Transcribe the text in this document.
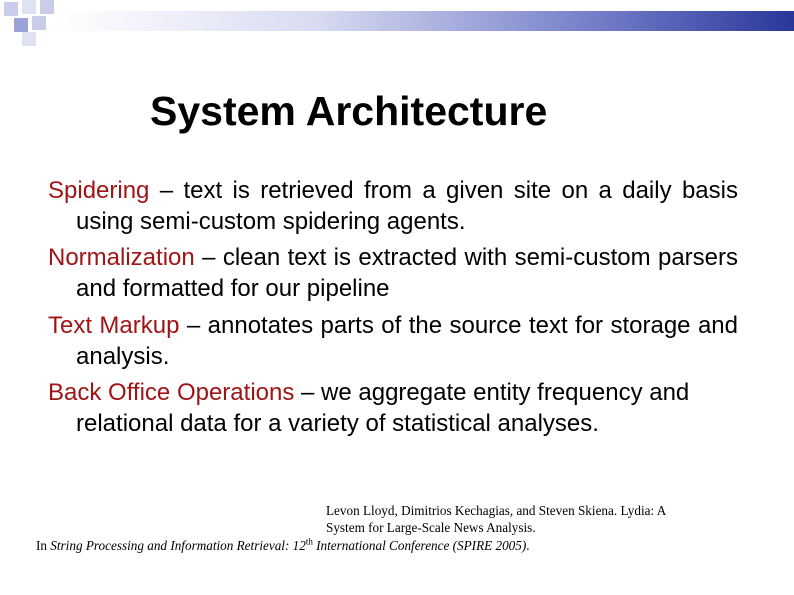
System Architecture

Spidering – text is retrieved from a given site on a daily basis using semi-custom spidering agents.

Normalization – clean text is extracted with semi-custom parsers and formatted for our pipeline

Text Markup – annotates parts of the source text for storage and analysis.

Back Office Operations – we aggregate entity frequency and relational data for a variety of statistical analyses.

Levon Lloyd, Dimitrios Kechagias, and Steven Skiena. Lydia: A

System for Large-Scale News Analysis.

In String Processing and Information Retrieval: 12th International Conference (SPIRE 2005).
